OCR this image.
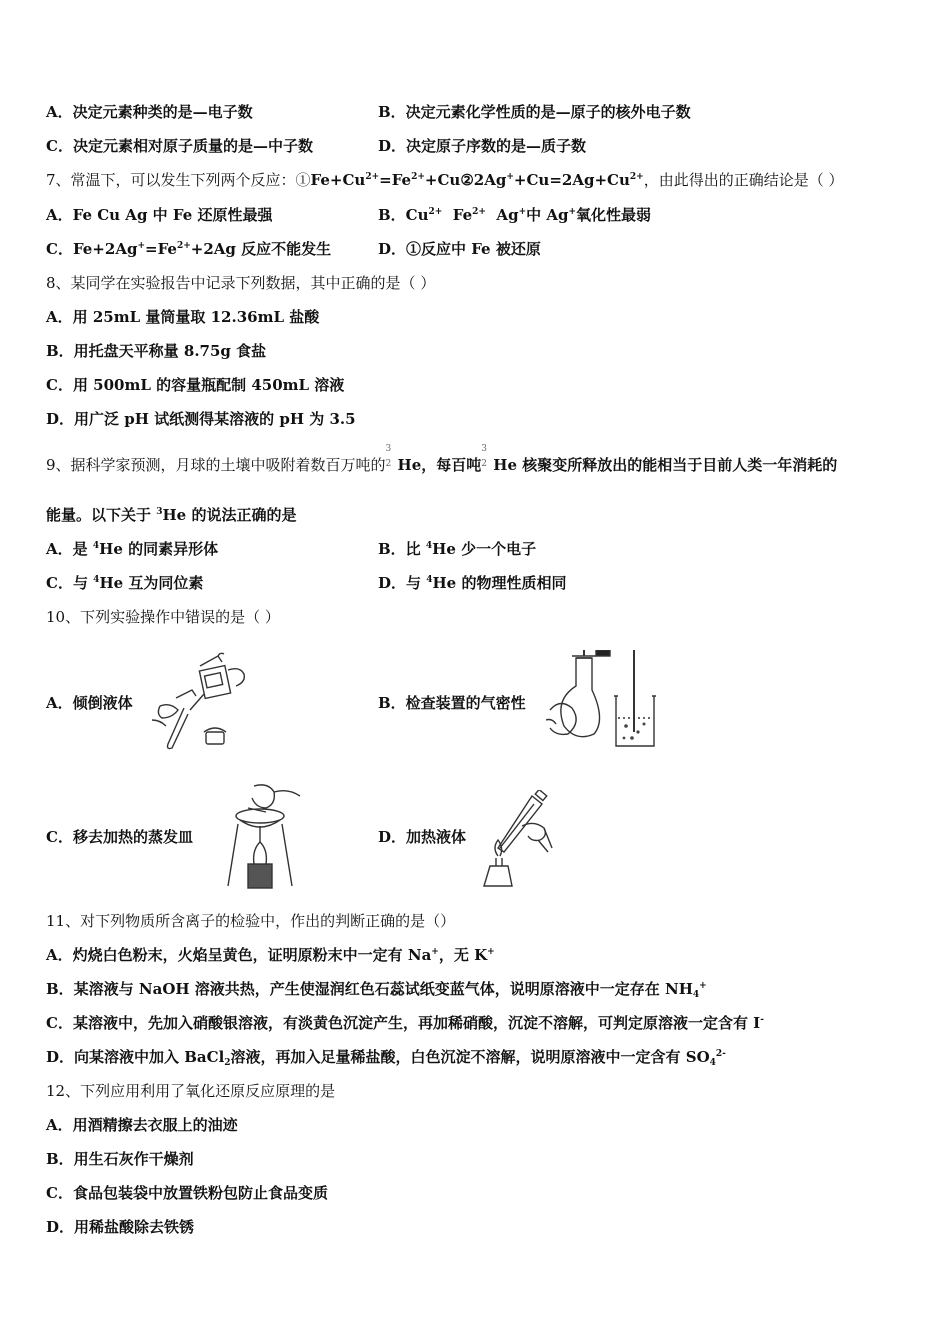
A．决定元素种类的是—电子数	B．决定元素化学性质的是—原子的核外电子数
C．决定元素相对原子质量的是—中子数	D．决定原子序数的是—质子数
7、常温下，可以发生下列两个反应：$①Fe+Cu^{2+}=Fe^{2+}+Cu②2Ag^++Cu=2Ag+Cu^{2+}$，由此得出的正确结论是（ ）
A．Fe Cu Ag 中 Fe 还原性最强	B．$Cu^{2+}$  $Fe^{2+}$  Ag+中 Ag+氧化性最弱
C．$Fe+2Ag^+=Fe^{2+}+2Ag$ 反应不能发生	D．①反应中 Fe 被还原
8、某同学在实验报告中记录下列数据，其中正确的是（ ）
A．用 25mL 量筒量取 12.36mL 盐酸
B．用托盘天平称量 8.75g 食盐
C．用 500mL 的容量瓶配制 450mL 溶液
D．用广泛 pH 试纸测得某溶液的 pH 为 3.5
9、据科学家预测，月球的土壤中吸附着数百万吨的
3
2 He，每百吨
3
2 He 核聚变所释放出的能相当于目前人类一年消耗的
能量。以下关于 $^3$He 的说法正确的是
A．是 $^4$He 的同素异形体	B．比 $^4$He 少一个电子
C．与 $^4$He 互为同位素	D．与 $^4$He 的物理性质相同
10、下列实验操作中错误的是（ ）
A．倾倒液体	B．检查装置的气密性
C．移去加热的蒸发皿	D．加热液体
11、对下列物质所含离子的检验中，作出的判断正确的是（）
A．灼烧白色粉末，火焰呈黄色，证明原粉末中一定有 Na+，无 K+
B．某溶液与 NaOH 溶液共热，产生使湿润红色石蕊试纸变蓝气体，说明原溶液中一定存在 $NH_4^+$
C．某溶液中，先加入硝酸银溶液，有淡黄色沉淀产生，再加稀硝酸，沉淀不溶解，可判定原溶液一定含有 I-
D．向某溶液中加入 BaCl$_2$溶液，再加入足量稀盐酸，白色沉淀不溶解，说明原溶液中一定含有 $SO_4^{2-}$
12、下列应用利用了氧化还原反应原理的是
A．用酒精擦去衣服上的油迹
B．用生石灰作干燥剂
C．食品包装袋中放置铁粉包防止食品变质
D．用稀盐酸除去铁锈
